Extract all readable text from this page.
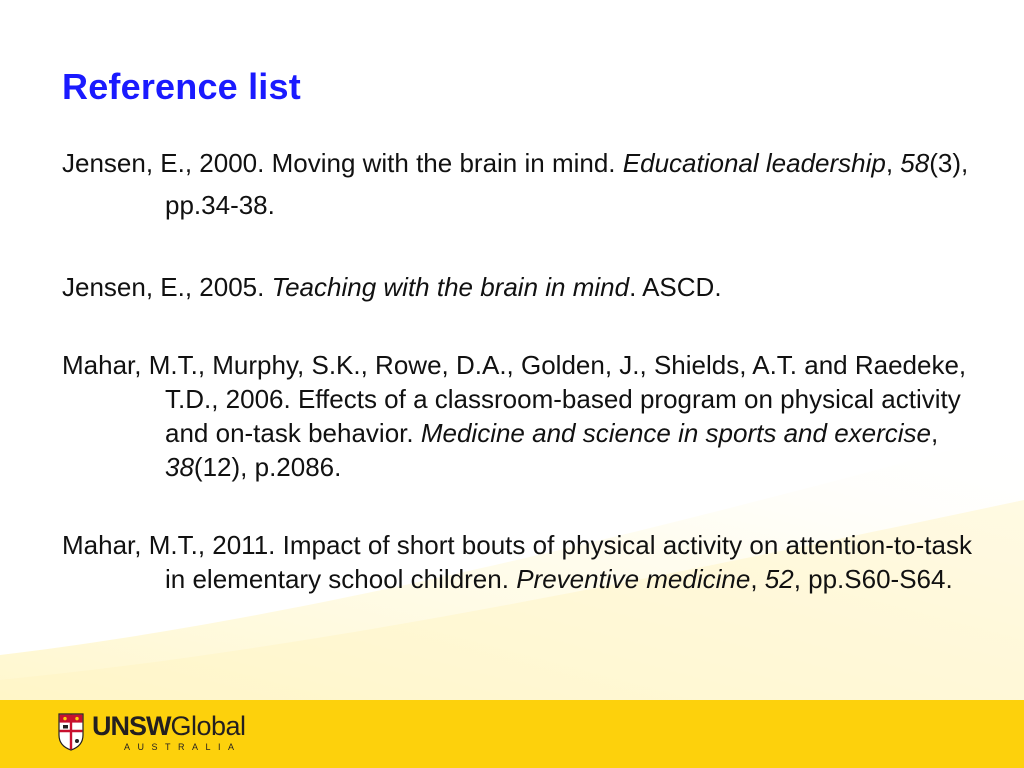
Reference list

Jensen, E., 2000. Moving with the brain in mind. Educational leadership, 58(3), pp.34-38.

Jensen, E., 2005. Teaching with the brain in mind. ASCD.

Mahar, M.T., Murphy, S.K., Rowe, D.A., Golden, J., Shields, A.T. and Raedeke, T.D., 2006. Effects of a classroom-based program on physical activity and on-task behavior. Medicine and science in sports and exercise, 38(12), p.2086.

Mahar, M.T., 2011. Impact of short bouts of physical activity on attention-to-task in elementary school children. Preventive medicine, 52, pp.S60-S64.

UNSWGlobal
AUSTRALIA
